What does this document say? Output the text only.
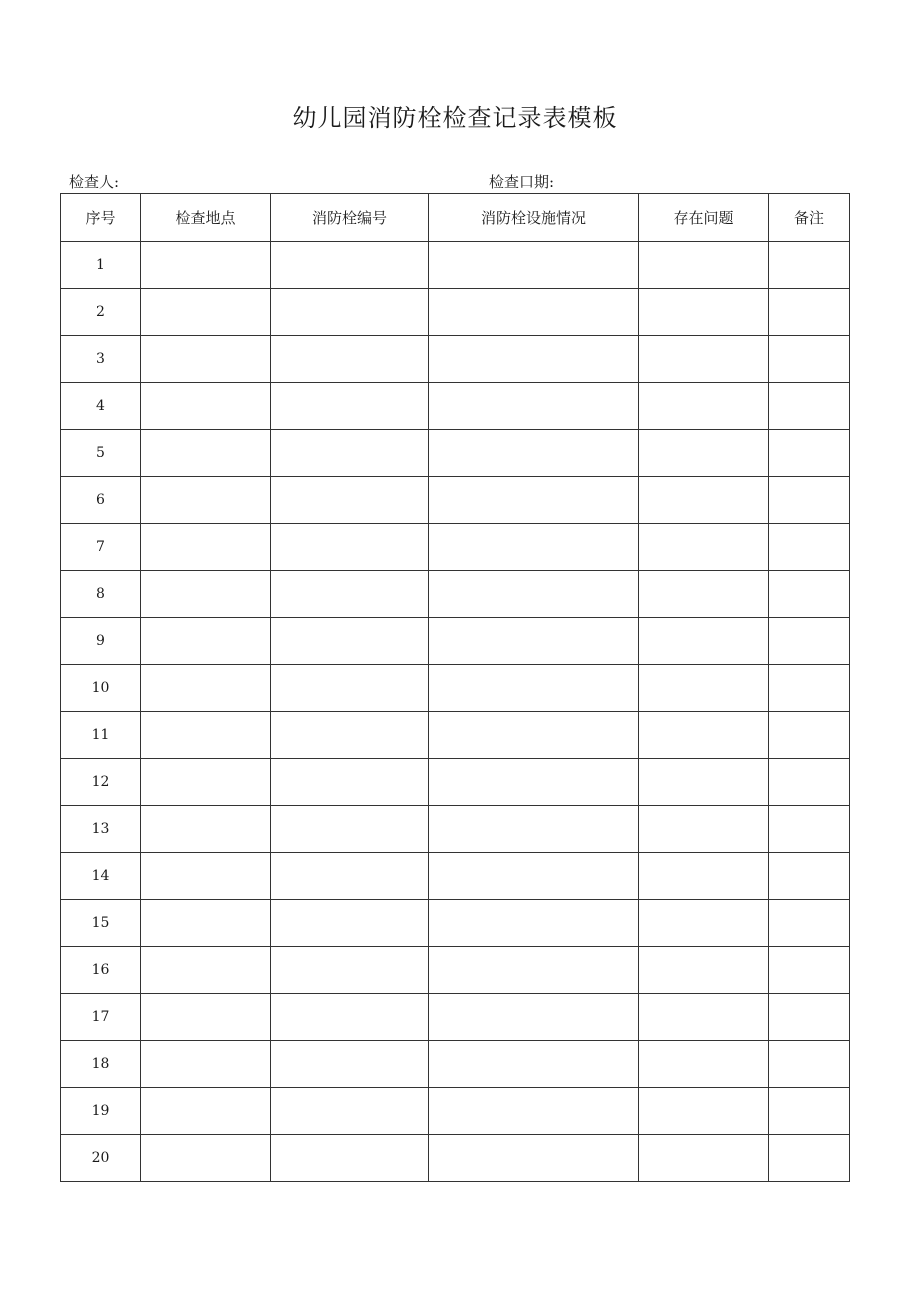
幼儿园消防栓检查记录表模板
检查人:	检查口期:
序号	检查地点	消防栓编号	消防栓设施情况	存在问题	备注
1					
2					
3					
4					
5					
6					
7					
8					
9					
10					
11					
12					
13					
14					
15					
16					
17					
18					
19					
20					
